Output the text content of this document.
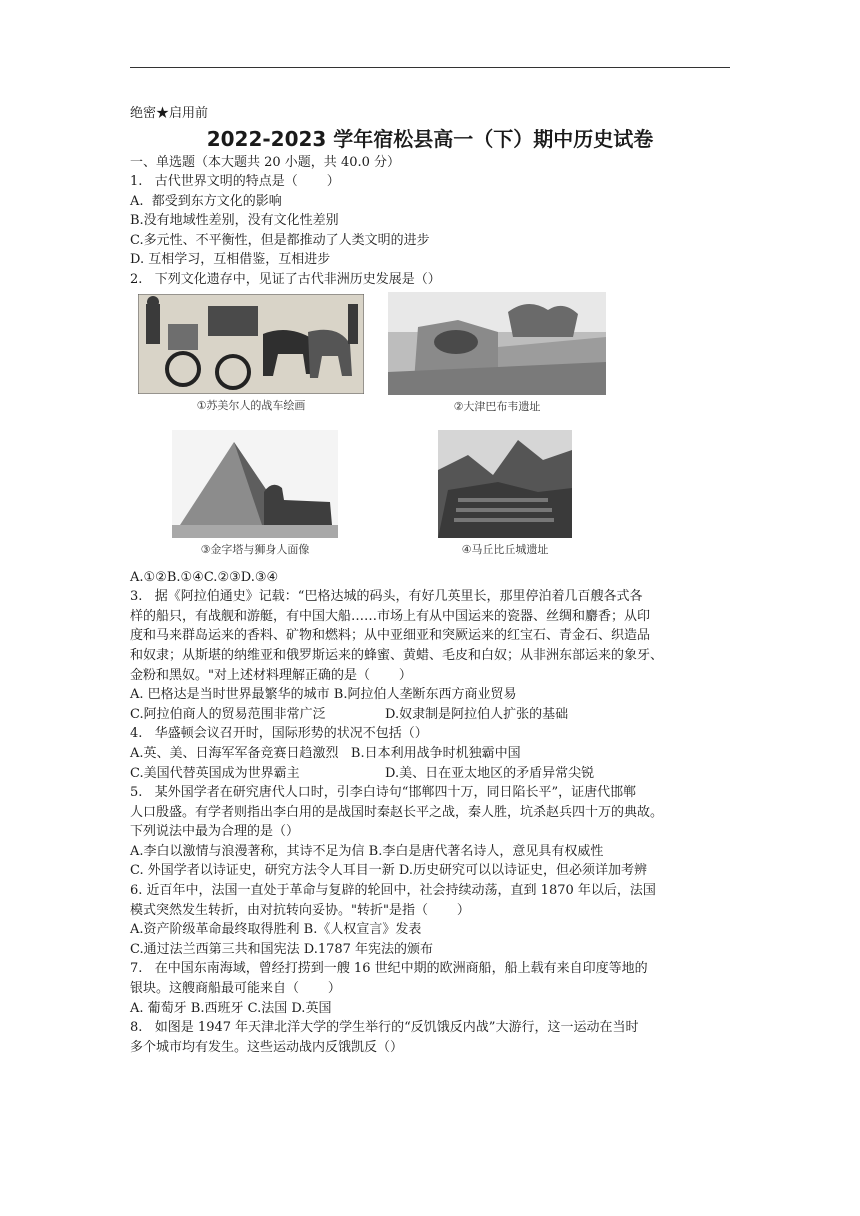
绝密★启用前
2022-2023 学年宿松县高一（下）期中历史试卷
一、单选题（本大题共 20 小题，共 40.0 分）

1.   古代世界文明的特点是（       ）

A.  都受到东方文化的影响

B.没有地域性差别，没有文化性差别

C.多元性、不平衡性，但是都推动了人类文明的进步

D. 互相学习，互相借鉴，互相进步

2.   下列文化遗存中，见证了古代非洲历史发展是（）

①苏美尔人的战车绘画	②大津巴布韦遗址
③金字塔与狮身人面像	④马丘比丘城遗址

A.①②B.①④C.②③D.③④

3.   据《阿拉伯通史》记载：“巴格达城的码头，有好几英里长，那里停泊着几百艘各式各

样的船只，有战舰和游艇，有中国大船……市场上有从中国运来的瓷器、丝绸和麝香；从印

度和马来群岛运来的香料、矿物和燃料；从中亚细亚和突厥运来的红宝石、青金石、织造品

和奴隶；从斯堪的纳维亚和俄罗斯运来的蜂蜜、黄蜡、毛皮和白奴；从非洲东部运来的象牙、

金粉和黑奴。"对上述材料理解正确的是（       ）

A. 巴格达是当时世界最繁华的城市 B.阿拉伯人垄断东西方商业贸易

C.阿拉伯商人的贸易范围非常广泛	D.奴隶制是阿拉伯人扩张的基础

4.   华盛顿会议召开时，国际形势的状况不包括（）

A.英、美、日海军军备竞赛日趋激烈   B.日本利用战争时机独霸中国

C.美国代替英国成为世界霸主	D.美、日在亚太地区的矛盾异常尖锐

5.   某外国学者在研究唐代人口时，引李白诗句“邯郸四十万，同日陷长平”，证唐代邯郸

人口殷盛。有学者则指出李白用的是战国时秦赵长平之战，秦人胜，坑杀赵兵四十万的典故。

下列说法中最为合理的是（）

A.李白以激情与浪漫著称，其诗不足为信 B.李白是唐代著名诗人，意见具有权威性

C. 外国学者以诗证史，研究方法令人耳目一新 D.历史研究可以以诗证史，但必须详加考辨

6. 近百年中，法国一直处于革命与复辟的轮回中，社会持续动荡，直到 1870 年以后，法国

模式突然发生转折，由对抗转向妥协。"转折"是指（       ）

A.资产阶级革命最终取得胜利 B.《人权宣言》发表

C.通过法兰西第三共和国宪法 D.1787 年宪法的颁布

7.   在中国东南海域，曾经打捞到一艘 16 世纪中期的欧洲商船，船上载有来自印度等地的

银块。这艘商船最可能来自（       ）

A. 葡萄牙 B.西班牙 C.法国 D.英国

8.   如图是 1947 年天津北洋大学的学生举行的“反饥饿反内战”大游行，这一运动在当时

多个城市均有发生。这些运动战内反饿凯反（）
